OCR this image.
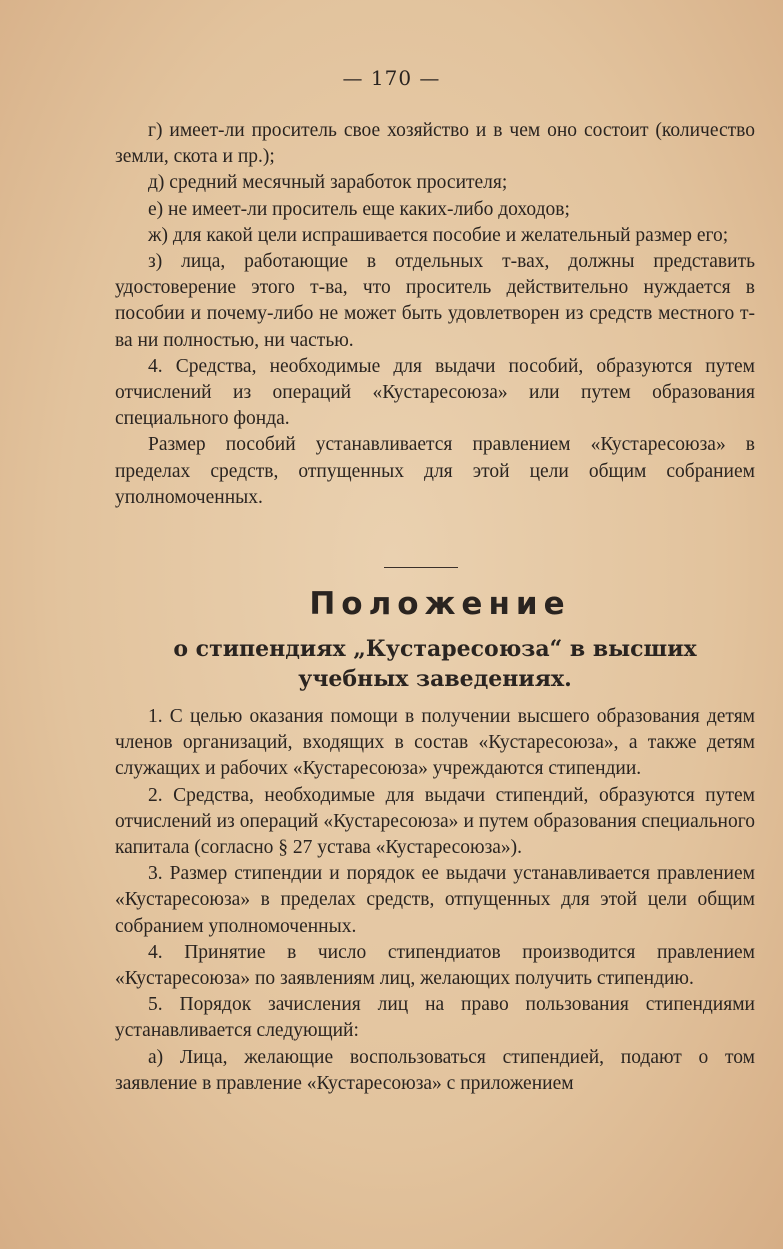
— 170 —

г) имеет-ли проситель свое хозяйство и в чем оно состоит (количество земли, скота и пр.);

д) средний месячный заработок просителя;

е) не имеет-ли проситель еще каких-либо доходов;

ж) для какой цели испрашивается пособие и желательный размер его;

з) лица, работающие в отдельных т-вах, должны представить удостоверение этого т-ва, что проситель действительно нуждается в пособии и почему-либо не может быть удовлетворен из средств местного т-ва ни полностью, ни частью.

4. Средства, необходимые для выдачи пособий, образуются путем отчислений из операций «Кустаресоюза» или путем образования специального фонда.

Размер пособий устанавливается правлением «Кустаресоюза» в пределах средств, отпущенных для этой цели общим собранием уполномоченных.

Положение
о стипендиях „Кустаресоюза“ в высших учебных заведениях.

1. С целью оказания помощи в получении высшего образования детям членов организаций, входящих в состав «Кустаресоюза», а также детям служащих и рабочих «Кустаресоюза» учреждаются стипендии.

2. Средства, необходимые для выдачи стипендий, образуются путем отчислений из операций «Кустаресоюза» и путем образования специального капитала (согласно § 27 устава «Кустаресоюза»).

3. Размер стипендии и порядок ее выдачи устанавливается правлением «Кустаресоюза» в пределах средств, отпущенных для этой цели общим собранием уполномоченных.

4. Принятие в число стипендиатов производится правлением «Кустаресоюза» по заявлениям лиц, желающих получить стипендию.

5. Порядок зачисления лиц на право пользования стипендиями устанавливается следующий:

а) Лица, желающие воспользоваться стипендией, подают о том заявление в правление «Кустаресоюза» с приложением
